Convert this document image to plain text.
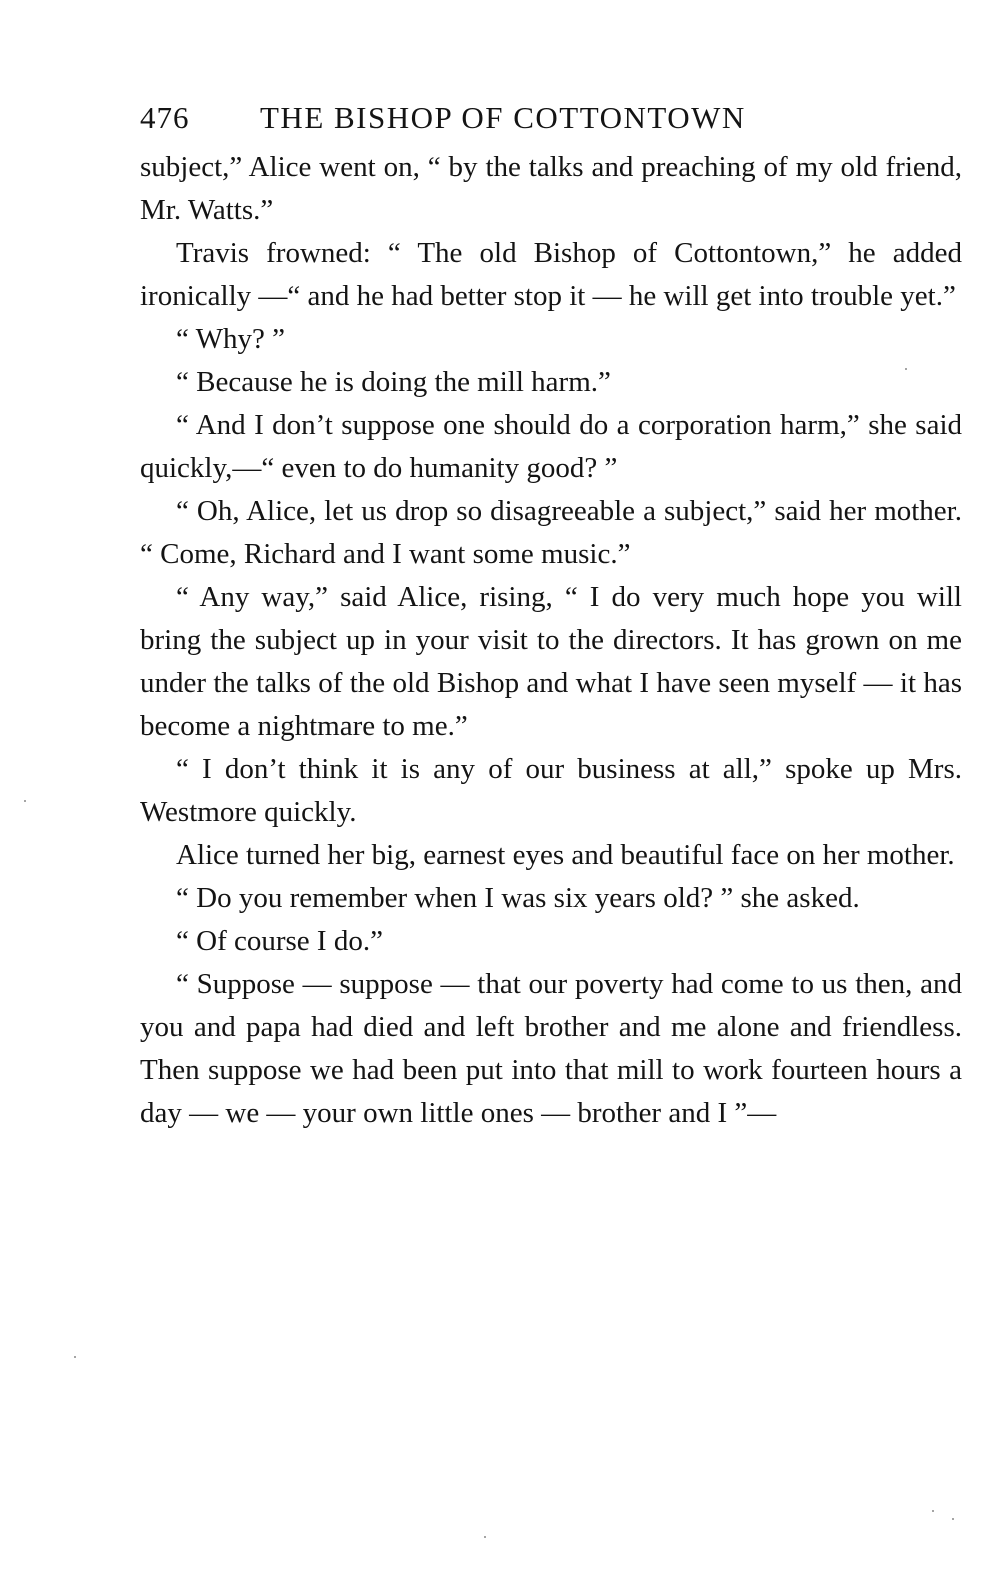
476	THE BISHOP OF COTTONTOWN

subject,” Alice went on, “ by the talks and preaching of my old friend, Mr. Watts.”

Travis frowned: “ The old Bishop of Cottontown,” he added ironically —“ and he had better stop it — he will get into trouble yet.”

“ Why? ”

“ Because he is doing the mill harm.”

“ And I don’t suppose one should do a corporation harm,” she said quickly,—“ even to do humanity good? ”

“ Oh, Alice, let us drop so disagreeable a subject,” said her mother. “ Come, Richard and I want some music.”

“ Any way,” said Alice, rising, “ I do very much hope you will bring the subject up in your visit to the directors. It has grown on me under the talks of the old Bishop and what I have seen myself — it has become a nightmare to me.”

“ I don’t think it is any of our business at all,” spoke up Mrs. Westmore quickly.

Alice turned her big, earnest eyes and beautiful face on her mother.

“ Do you remember when I was six years old? ” she asked.

“ Of course I do.”

“ Suppose — suppose — that our poverty had come to us then, and you and papa had died and left brother and me alone and friendless. Then suppose we had been put into that mill to work fourteen hours a day — we — your own little ones — brother and I ”—
